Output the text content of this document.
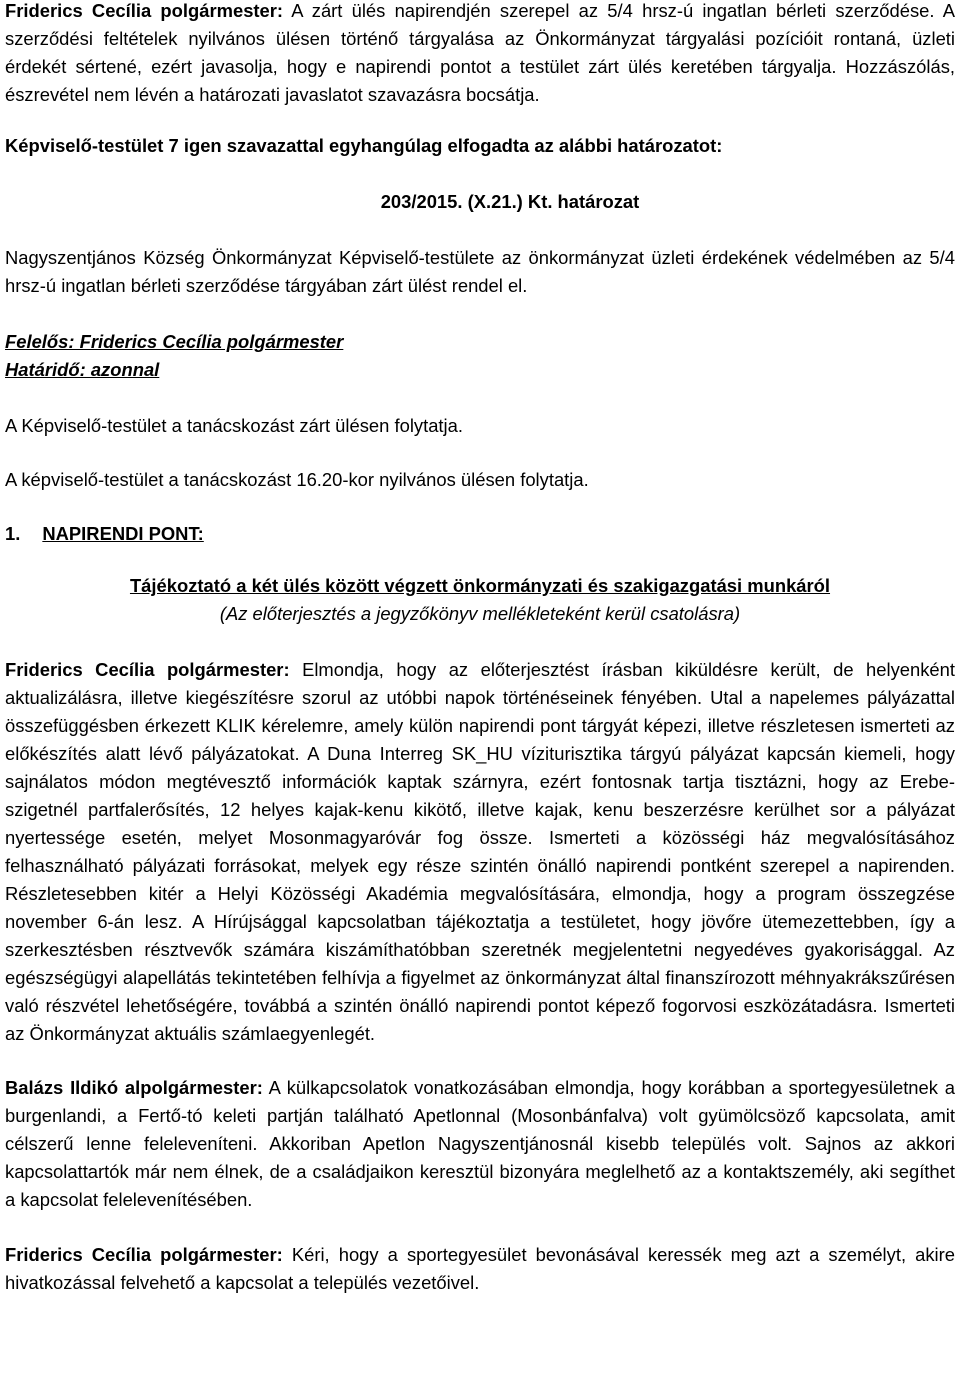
Friderics Cecília polgármester: A zárt ülés napirendjén szerepel az 5/4 hrsz-ú ingatlan bérleti szerződése. A szerződési feltételek nyilvános ülésen történő tárgyalása az Önkormányzat tárgyalási pozícióit rontaná, üzleti érdekét sértené, ezért javasolja, hogy e napirendi pontot a testület zárt ülés keretében tárgyalja. Hozzászólás, észrevétel nem lévén a határozati javaslatot szavazásra bocsátja.

Képviselő-testület 7 igen szavazattal egyhangúlag elfogadta az alábbi határozatot:

203/2015. (X.21.) Kt. határozat

Nagyszentjános Község Önkormányzat Képviselő-testülete az önkormányzat üzleti érdekének védelmében az 5/4 hrsz-ú ingatlan bérleti szerződése tárgyában zárt ülést rendel el.

Felelős: Friderics Cecília polgármester

Határidő: azonnal

A Képviselő-testület a tanácskozást zárt ülésen folytatja.

A képviselő-testület a tanácskozást 16.20-kor nyilvános ülésen folytatja.

1. NAPIRENDI PONT:

Tájékoztató a két ülés között végzett önkormányzati és szakigazgatási munkáról

(Az előterjesztés a jegyzőkönyv mellékleteként kerül csatolásra)

Friderics Cecília polgármester: Elmondja, hogy az előterjesztést írásban kiküldésre került, de helyenként aktualizálásra, illetve kiegészítésre szorul az utóbbi napok történéseinek fényében. Utal a napelemes pályázattal összefüggésben érkezett KLIK kérelemre, amely külön napirendi pont tárgyát képezi, illetve részletesen ismerteti az előkészítés alatt lévő pályázatokat. A Duna Interreg SK_HU víziturisztika tárgyú pályázat kapcsán kiemeli, hogy sajnálatos módon megtévesztő információk kaptak szárnyra, ezért fontosnak tartja tisztázni, hogy az Erebe- szigetnél partfalerősítés, 12 helyes kajak-kenu kikötő, illetve kajak, kenu beszerzésre kerülhet sor a pályázat nyertessége esetén, melyet Mosonmagyaróvár fog össze. Ismerteti a közösségi ház megvalósításához felhasználható pályázati forrásokat, melyek egy része szintén önálló napirendi pontként szerepel a napirenden. Részletesebben kitér a Helyi Közösségi Akadémia megvalósítására, elmondja, hogy a program összegzése november 6-án lesz. A Hírújsággal kapcsolatban tájékoztatja a testületet, hogy jövőre ütemezettebben, így a szerkesztésben résztvevők számára kiszámíthatóbban szeretnék megjelentetni negyedéves gyakorisággal. Az egészségügyi alapellátás tekintetében felhívja a figyelmet az önkormányzat által finanszírozott méhnyakrákszűrésen való részvétel lehetőségére, továbbá a szintén önálló napirendi pontot képező fogorvosi eszközátadásra. Ismerteti az Önkormányzat aktuális számlaegyenlegét.

Balázs Ildikó alpolgármester: A külkapcsolatok vonatkozásában elmondja, hogy korábban a sportegyesületnek a burgenlandi, a Fertő-tó keleti partján található Apetlonnal (Mosonbánfalva) volt gyümölcsöző kapcsolata, amit célszerű lenne feleleveníteni. Akkoriban Apetlon Nagyszentjánosnál kisebb település volt. Sajnos az akkori kapcsolattartók már nem élnek, de a családjaikon keresztül bizonyára meglelhető az a kontaktszemély, aki segíthet a kapcsolat felelevenítésében.

Friderics Cecília polgármester: Kéri, hogy a sportegyesület bevonásával keressék meg azt a személyt, akire hivatkozással felvehető a kapcsolat a település vezetőivel.
